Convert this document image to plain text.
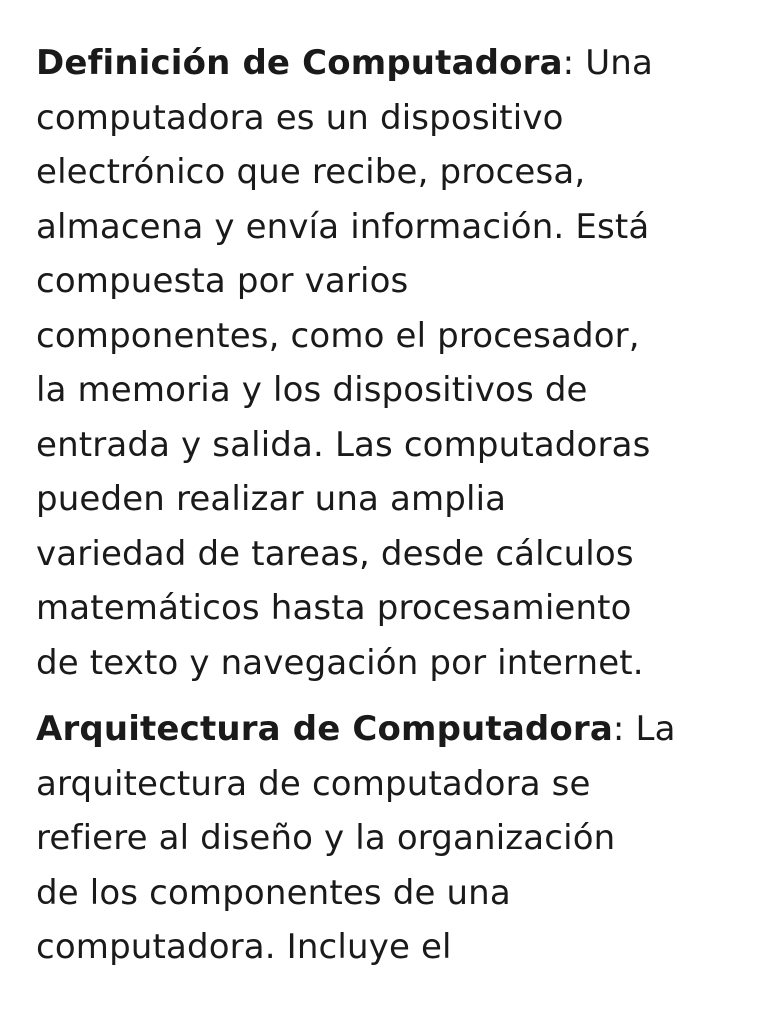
Definición de Computadora: Una
computadora es un dispositivo
electrónico que recibe, procesa,
almacena y envía información. Está
compuesta por varios
componentes, como el procesador,
la memoria y los dispositivos de
entrada y salida. Las computadoras
pueden realizar una amplia
variedad de tareas, desde cálculos
matemáticos hasta procesamiento
de texto y navegación por internet.

Arquitectura de Computadora: La
arquitectura de computadora se
refiere al diseño y la organización
de los componentes de una
computadora. Incluye el
